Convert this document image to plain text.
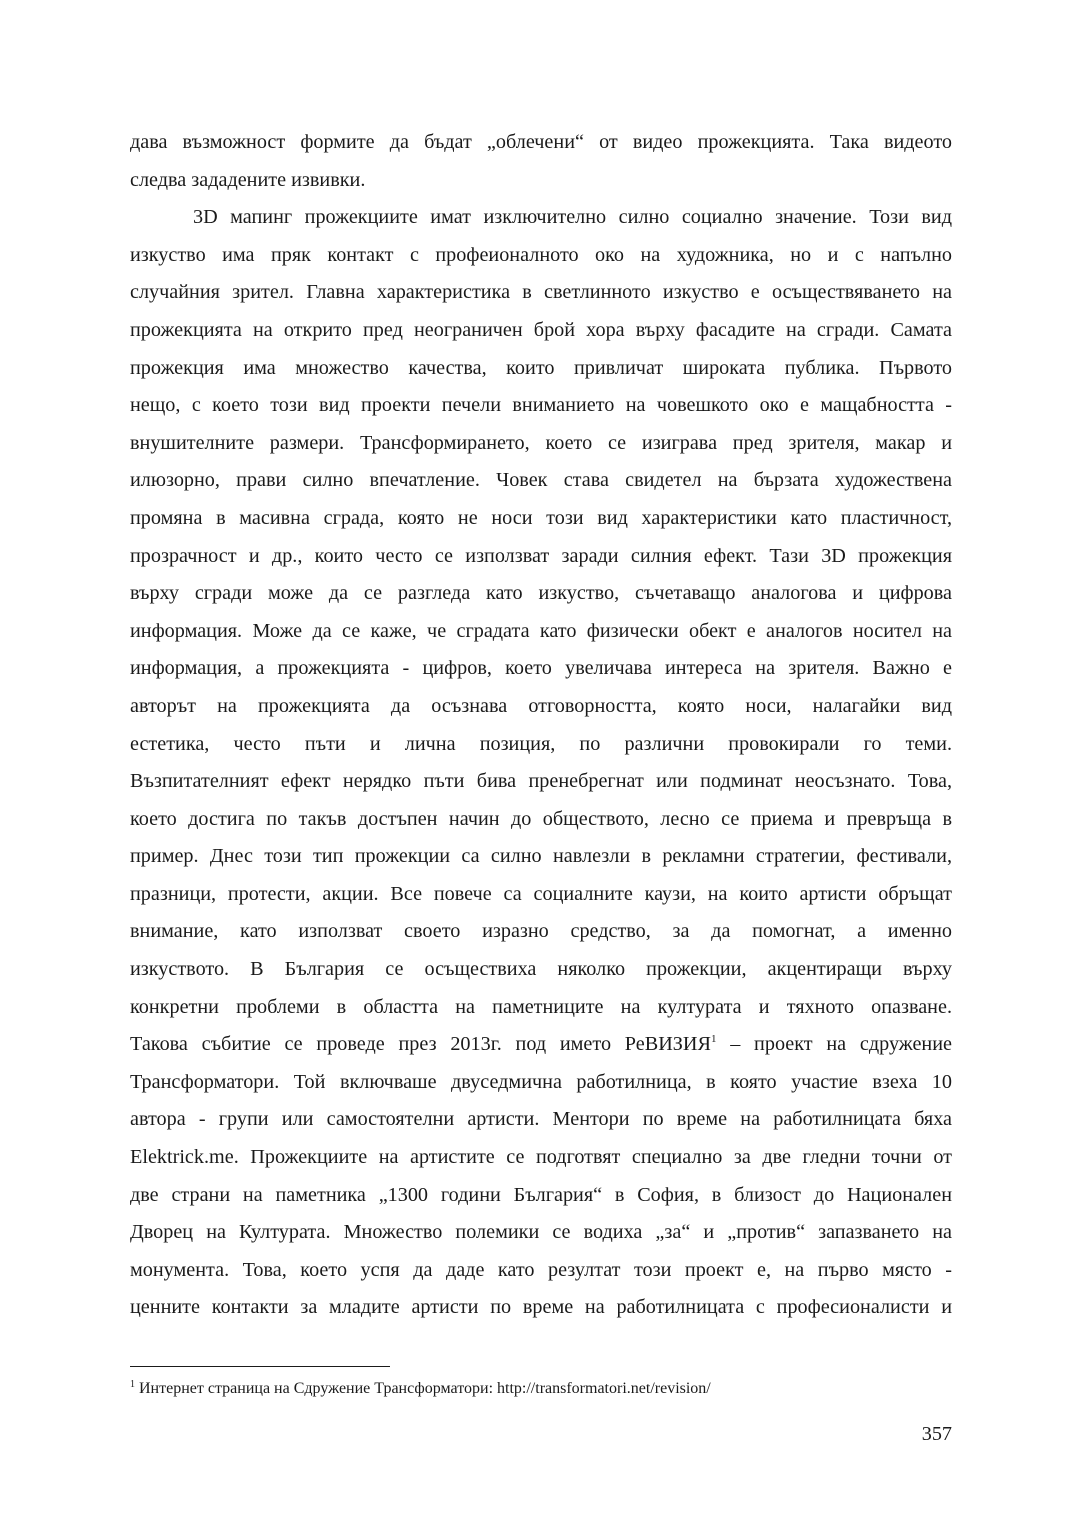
дава възможност формите да бъдат „облечени“ от видео прожекцията. Така видеото
следва зададените извивки.
3D мапинг прожекциите имат изключително силно социално значение. Този вид
изкуство има пряк контакт с профеионалното око на художника, но и с напълно
случайния зрител. Главна характеристика в светлинното изкуство е осъществяването на
прожекцията на открито пред неограничен брой хора върху фасадите на сгради. Самата
прожекция има множество качества, които привличат широката публика. Първото
нещо, с което този вид проекти печели вниманието на човешкото око е мащабността -
внушителните размери. Трансформирането, което се изиграва пред зрителя, макар и
илюзорно, прави силно впечатление. Човек става свидетел на бързата художествена
промяна в масивна сграда, която не носи този вид характеристики като пластичност,
прозрачност и др., които често се използват заради силния ефект. Тази 3D прожекция
върху сгради може да се разгледа като изкуство, съчетаващо аналогова и цифрова
информация. Може да се каже, че сградата като физически обект е аналогов носител на
информация, а прожекцията - цифров, което увеличава интереса на зрителя. Важно е
авторът на прожекцията да осъзнава отговорността, която носи, налагайки вид
естетика, често пъти и лична позиция, по различни провокирали го теми.
Възпитателният ефект нерядко пъти бива пренебрегнат или подминат неосъзнато. Това,
което достига по такъв достъпен начин до обществото, лесно се приема и превръща в
пример. Днес този тип прожекции са силно навлезли в рекламни стратегии, фестивали,
празници, протести, акции. Все повече са социалните каузи, на които артисти обръщат
внимание, като използват своето изразно средство, за да помогнат, а именно
изкуството. В България се осъществиха няколко прожекции, акцентиращи върху
конкретни проблеми в областта на паметниците на културата и тяхното опазване.
Такова събитие се проведе през 2013г. под името РеВИЗИЯ$^1$ – проект на сдружение
Трансформатори. Той включваше двуседмична работилница, в която участие взеха 10
автора - групи или самостоятелни артисти. Ментори по време на работилницата бяха
Elektrick.me. Прожекциите на артистите се подготвят специално за две гледни точни от
две страни на паметника „1300 години България“ в София, в близост до Национален
Дворец на Културата. Множество полемики се водиха „за“ и „против“ запазването на
монумента. Това, което успя да даде като резултат този проект е, на първо място -
ценните контакти за младите артисти по време на работилницата с професионалисти и
$^1$ Интернет страница на Сдружение Трансформатори: http://transformatori.net/revision/
357
